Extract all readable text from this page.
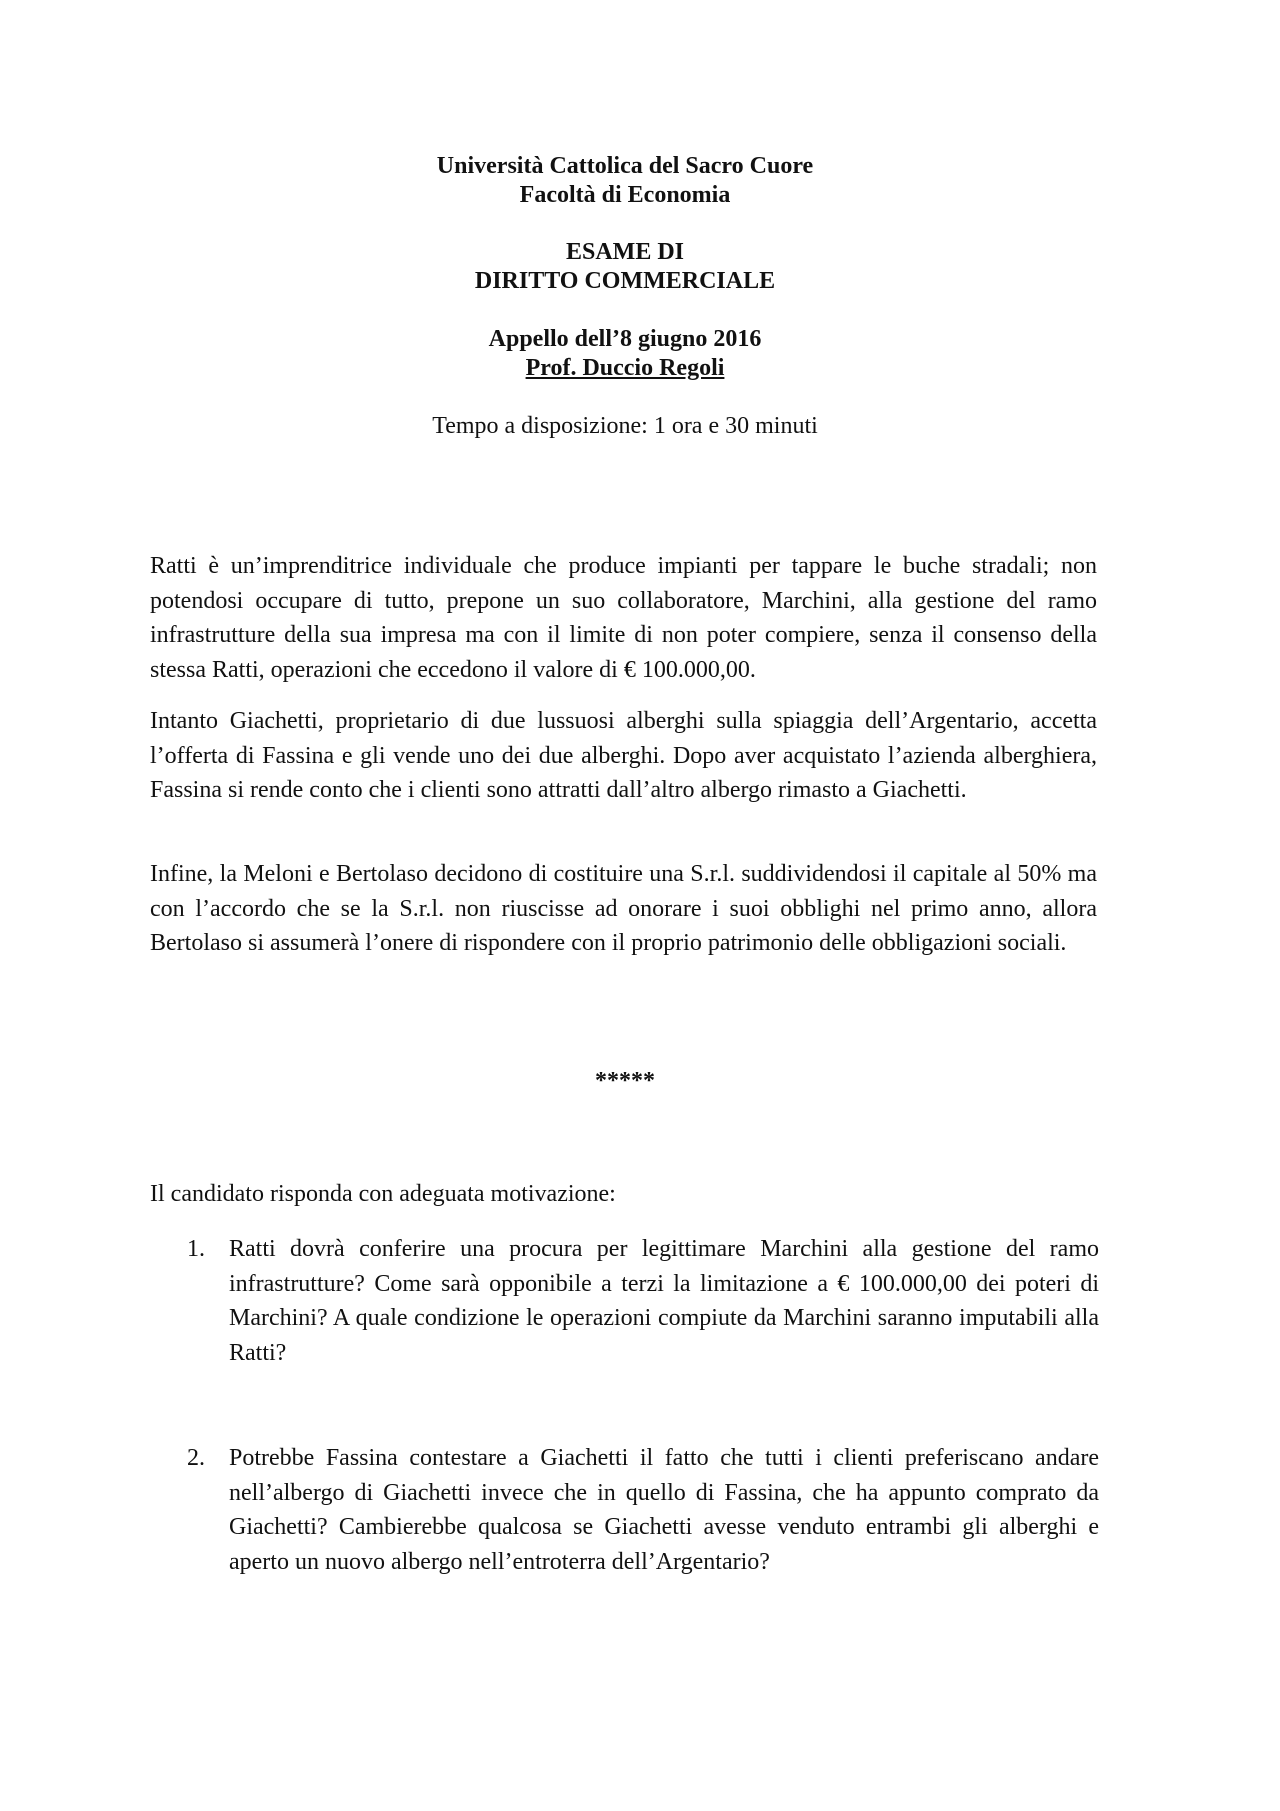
Università Cattolica del Sacro Cuore
Facoltà di Economia
ESAME DI
DIRITTO COMMERCIALE
Appello dell’8 giugno 2016
Prof. Duccio Regoli
Tempo a disposizione: 1 ora e 30 minuti

Ratti è un’imprenditrice individuale che produce impianti per tappare le buche stradali; non potendosi occupare di tutto, prepone un suo collaboratore, Marchini, alla gestione del ramo infrastrutture della sua impresa ma con il limite di non poter compiere, senza il consenso della stessa Ratti, operazioni che eccedono il valore di € 100.000,00.

Intanto Giachetti, proprietario di due lussuosi alberghi sulla spiaggia dell’Argentario, accetta l’offerta di Fassina e gli vende uno dei due alberghi. Dopo aver acquistato l’azienda alberghiera, Fassina si rende conto che i clienti sono attratti dall’altro albergo rimasto a Giachetti.

Infine, la Meloni e Bertolaso decidono di costituire una S.r.l. suddividendosi il capitale al 50% ma con l’accordo che se la S.r.l. non riuscisse ad onorare i suoi obblighi nel primo anno, allora Bertolaso si assumerà l’onere di rispondere con il proprio patrimonio delle obbligazioni sociali.

*****
Il candidato risponda con adeguata motivazione:
1. Ratti dovrà conferire una procura per legittimare Marchini alla gestione del ramo infrastrutture? Come sarà opponibile a terzi la limitazione a € 100.000,00 dei poteri di Marchini? A quale condizione le operazioni compiute da Marchini saranno imputabili alla Ratti?

2. Potrebbe Fassina contestare a Giachetti il fatto che tutti i clienti preferiscano andare nell’albergo di Giachetti invece che in quello di Fassina, che ha appunto comprato da Giachetti? Cambierebbe qualcosa se Giachetti avesse venduto entrambi gli alberghi e aperto un nuovo albergo nell’entroterra dell’Argentario?
